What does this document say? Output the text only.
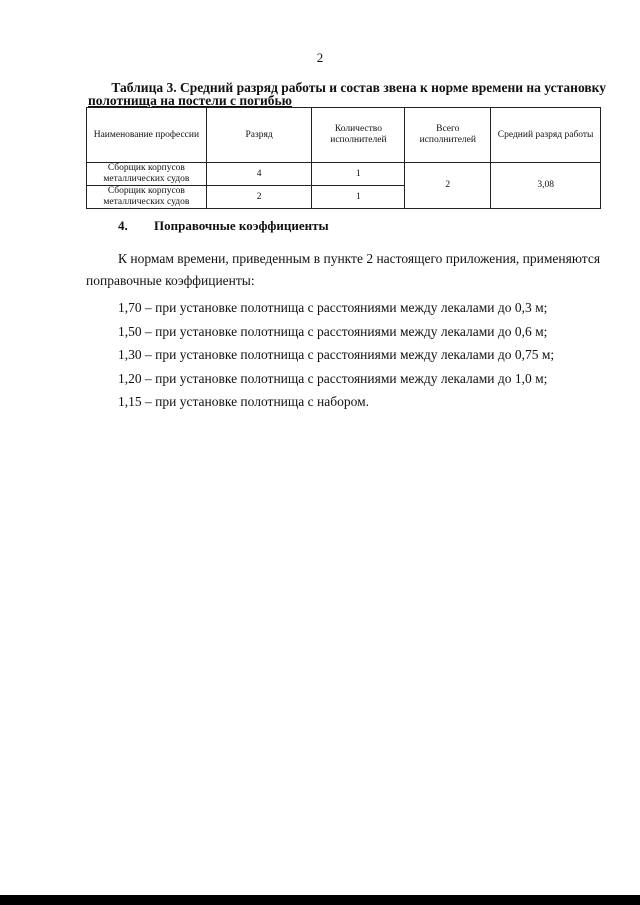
2
Таблица 3. Средний разряд работы и состав звена к норме времени на установку
полотнища на постели с погибью
Наименование профессии	Разряд	Количество исполнителей	Всего исполнителей	Средний разряд работы
Сборщик корпусов металлических судов	4	1	2	3,08
Сборщик корпусов металлических судов	2	1		
4. Поправочные коэффициенты
К нормам времени, приведенным в пункте 2 настоящего приложения, применяются
поправочные коэффициенты:
1,70 – при установке полотнища с расстояниями между лекалами до 0,3 м;
1,50 – при установке полотнища с расстояниями между лекалами до 0,6 м;
1,30 – при установке полотнища с расстояниями между лекалами до 0,75 м;
1,20 – при установке полотнища с расстояниями между лекалами до 1,0 м;
1,15 – при установке полотнища с набором.
